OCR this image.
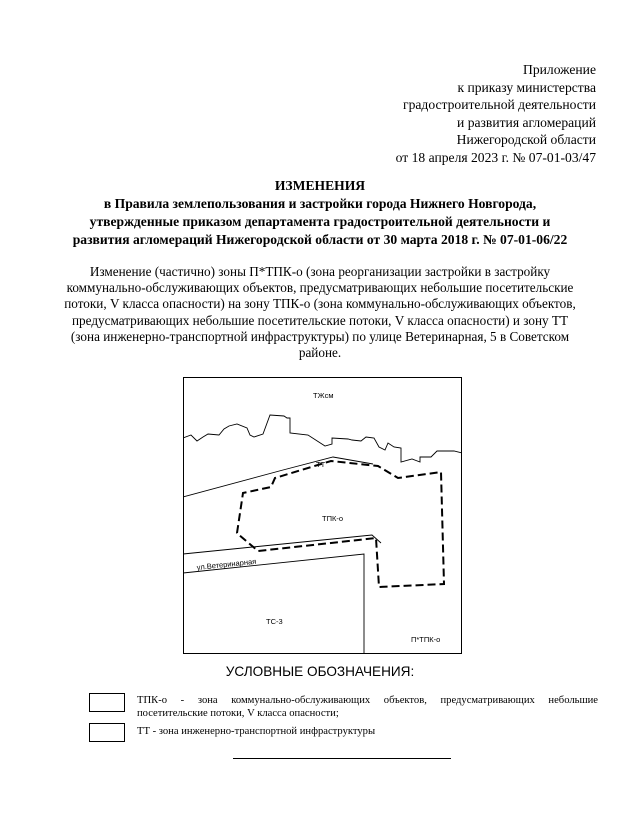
Приложение
к приказу министерства
градостроительной деятельности
и развития агломераций
Нижегородской области
от 18 апреля 2023 г. № 07-01-03/47
ИЗМЕНЕНИЯ
в Правила землепользования и застройки города Нижнего Новгорода,
утвержденные приказом департамента градостроительной деятельности и
развития агломераций Нижегородской области от 30 марта 2018 г. № 07-01-06/22
Изменение (частично) зоны П*ТПК-о (зона реорганизации застройки в застройку коммунально-обслуживающих объектов, предусматривающих небольшие посетительские потоки, V класса опасности) на зону ТПК-о (зона коммунально-обслуживающих объектов, предусматривающих небольшие посетительские потоки, V класса опасности) и зону ТТ (зона инженерно-транспортной инфраструктуры) по улице Ветеринарная, 5 в Советском районе.
ТЖсм
ТТ
ТПК-о
ул.Ветеринарная
ТС-3
П*ТПК-о
УСЛОВНЫЕ ОБОЗНАЧЕНИЯ:
ТПК-о - зона коммунально-обслуживающих объектов, предусматривающих небольшие посетительские потоки, V класса опасности;
ТТ - зона инженерно-транспортной инфраструктуры
